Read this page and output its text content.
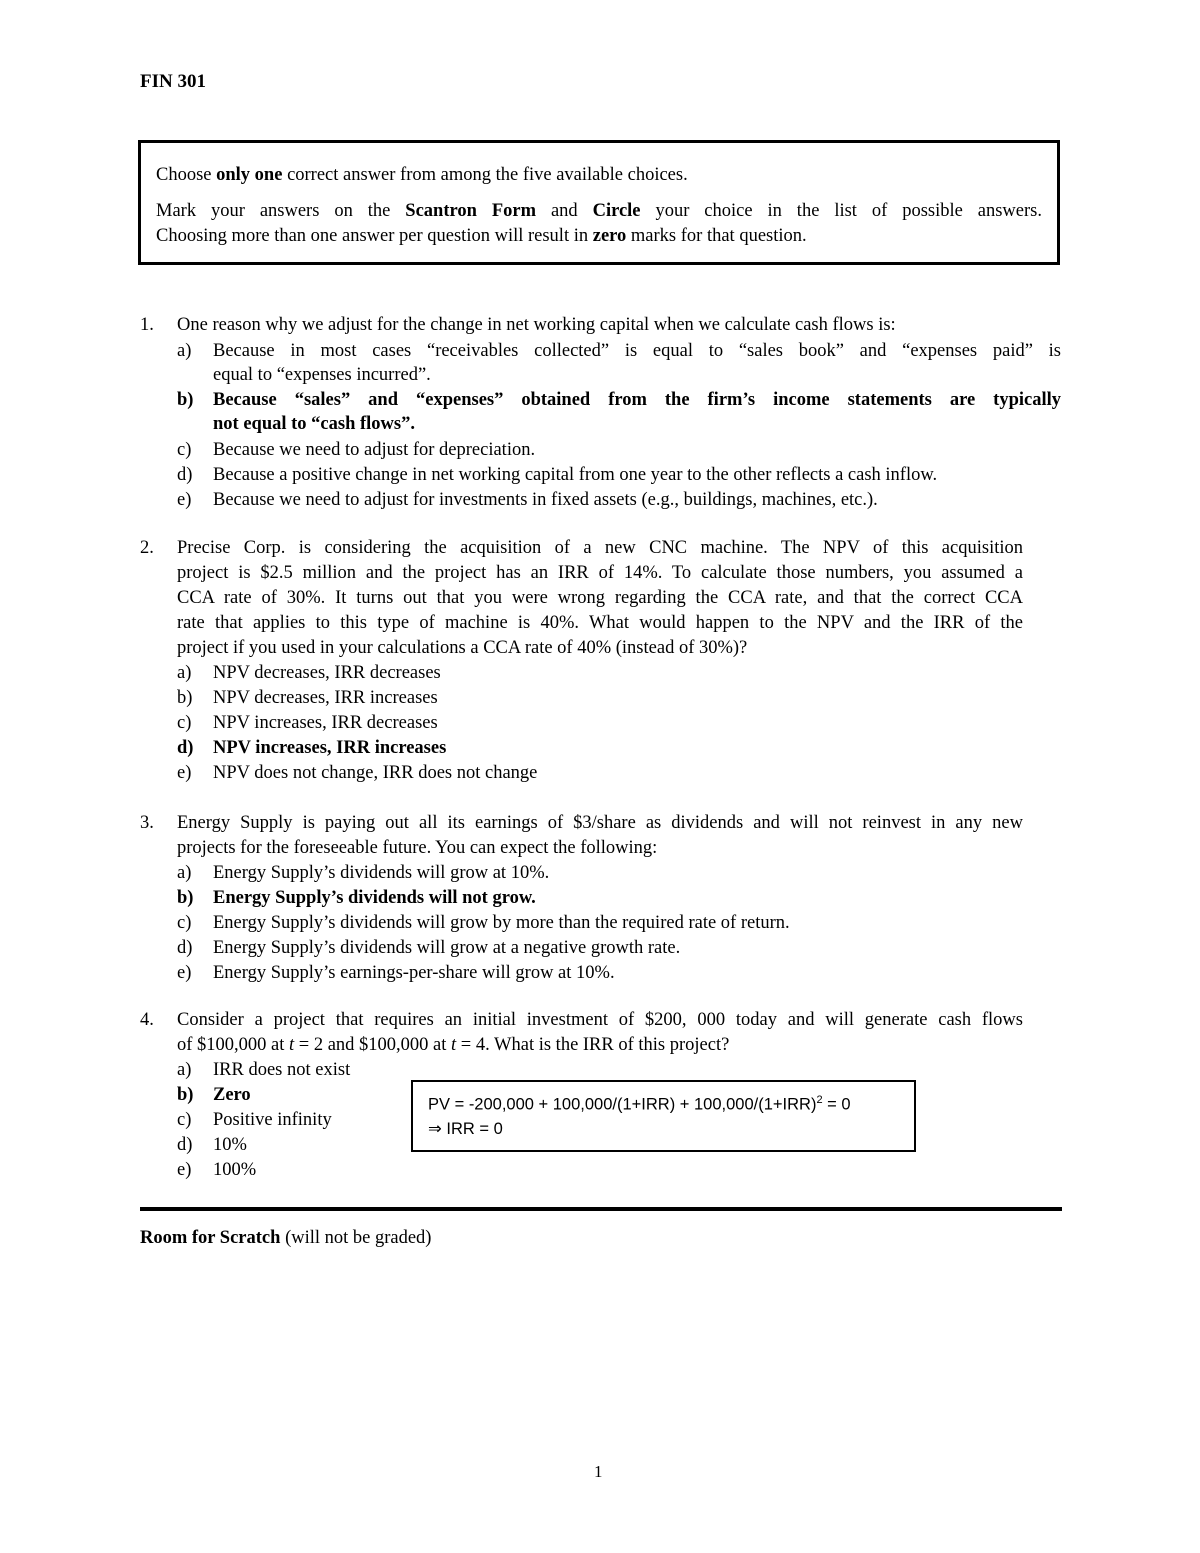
FIN 301
Choose only one correct answer from among the five available choices.
Mark your answers on the Scantron Form and Circle your choice in the list of possible answers.
Choosing more than one answer per question will result in zero marks for that question.
1. One reason why we adjust for the change in net working capital when we calculate cash flows is:
a) Because in most cases “receivables collected” is equal to “sales book” and “expenses paid” is
equal to “expenses incurred”.
b) Because “sales” and “expenses” obtained from the firm’s income statements are typically
not equal to “cash flows”.
c) Because we need to adjust for depreciation.
d) Because a positive change in net working capital from one year to the other reflects a cash inflow.
e) Because we need to adjust for investments in fixed assets (e.g., buildings, machines, etc.).
2. Precise Corp. is considering the acquisition of a new CNC machine. The NPV of this acquisition
project is $2.5 million and the project has an IRR of 14%. To calculate those numbers, you assumed a
CCA rate of 30%. It turns out that you were wrong regarding the CCA rate, and that the correct CCA
rate that applies to this type of machine is 40%. What would happen to the NPV and the IRR of the
project if you used in your calculations a CCA rate of 40% (instead of 30%)?
a) NPV decreases, IRR decreases
b) NPV decreases, IRR increases
c) NPV increases, IRR decreases
d) NPV increases, IRR increases
e) NPV does not change, IRR does not change
3. Energy Supply is paying out all its earnings of $3/share as dividends and will not reinvest in any new
projects for the foreseeable future. You can expect the following:
a) Energy Supply’s dividends will grow at 10%.
b) Energy Supply’s dividends will not grow.
c) Energy Supply’s dividends will grow by more than the required rate of return.
d) Energy Supply’s dividends will grow at a negative growth rate.
e) Energy Supply’s earnings-per-share will grow at 10%.
4. Consider a project that requires an initial investment of $200, 000 today and will generate cash flows
of $100,000 at t = 2 and $100,000 at t = 4. What is the IRR of this project?
a) IRR does not exist
b) Zero
c) Positive infinity
d) 10%
e) 100%
PV = $-200,000 + 100,000/(1+IRR) + 100,000/(1+IRR)^2 = 0$
⇒ IRR = 0
Room for Scratch (will not be graded)
1
